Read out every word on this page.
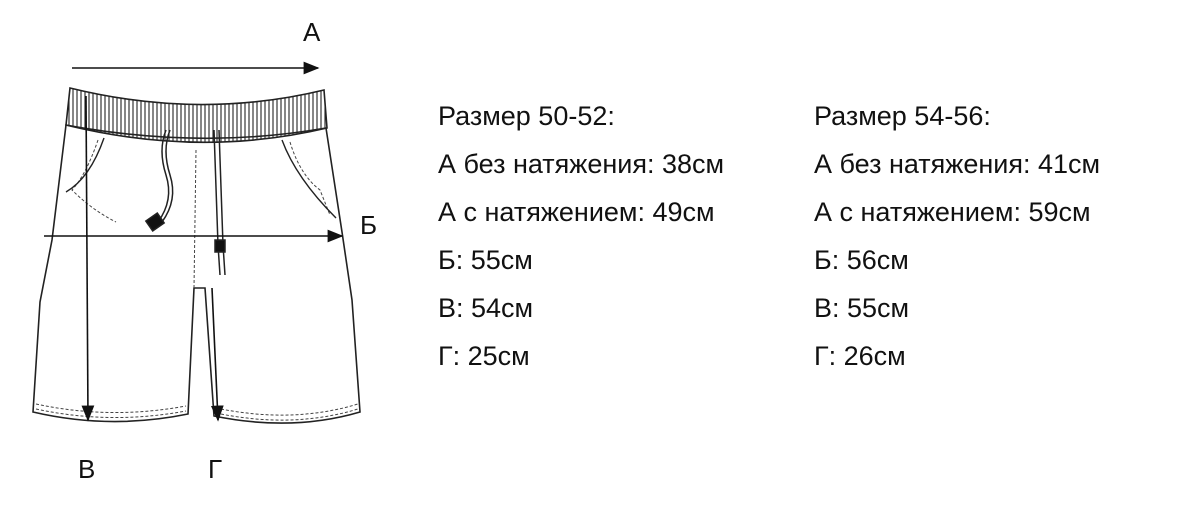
А
Б
В	Г
Размер 50-52:
А без натяжения: 38см
А с натяжением: 49см
Б: 55см
В: 54см
Г: 25см
Размер 54-56:
А без натяжения: 41см
А с натяжением: 59см
Б: 56см
В: 55см
Г: 26см
